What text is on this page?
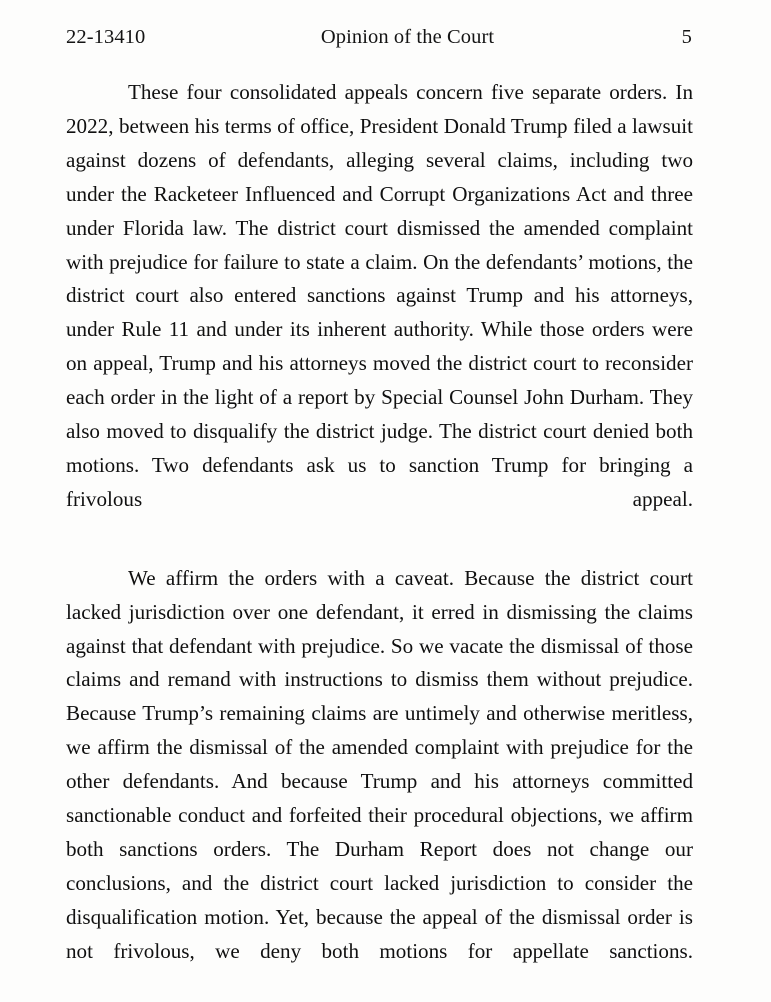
22-13410	Opinion of the Court	5

These four consolidated appeals concern five separate orders. In 2022, between his terms of office, President Donald Trump filed a lawsuit against dozens of defendants, alleging several claims, including two under the Racketeer Influenced and Corrupt Organizations Act and three under Florida law. The district court dismissed the amended complaint with prejudice for failure to state a claim. On the defendants’ motions, the district court also entered sanctions against Trump and his attorneys, under Rule 11 and under its inherent authority. While those orders were on appeal, Trump and his attorneys moved the district court to reconsider each order in the light of a report by Special Counsel John Durham. They also moved to disqualify the district judge. The district court denied both motions. Two defendants ask us to sanction Trump for bringing a frivolous appeal.

We affirm the orders with a caveat. Because the district court lacked jurisdiction over one defendant, it erred in dismissing the claims against that defendant with prejudice. So we vacate the dismissal of those claims and remand with instructions to dismiss them without prejudice. Because Trump’s remaining claims are untimely and otherwise meritless, we affirm the dismissal of the amended complaint with prejudice for the other defendants. And because Trump and his attorneys committed sanctionable conduct and forfeited their procedural objections, we affirm both sanctions orders. The Durham Report does not change our conclusions, and the district court lacked jurisdiction to consider the disqualification motion. Yet, because the appeal of the dismissal order is not frivolous, we deny both motions for appellate sanctions.
